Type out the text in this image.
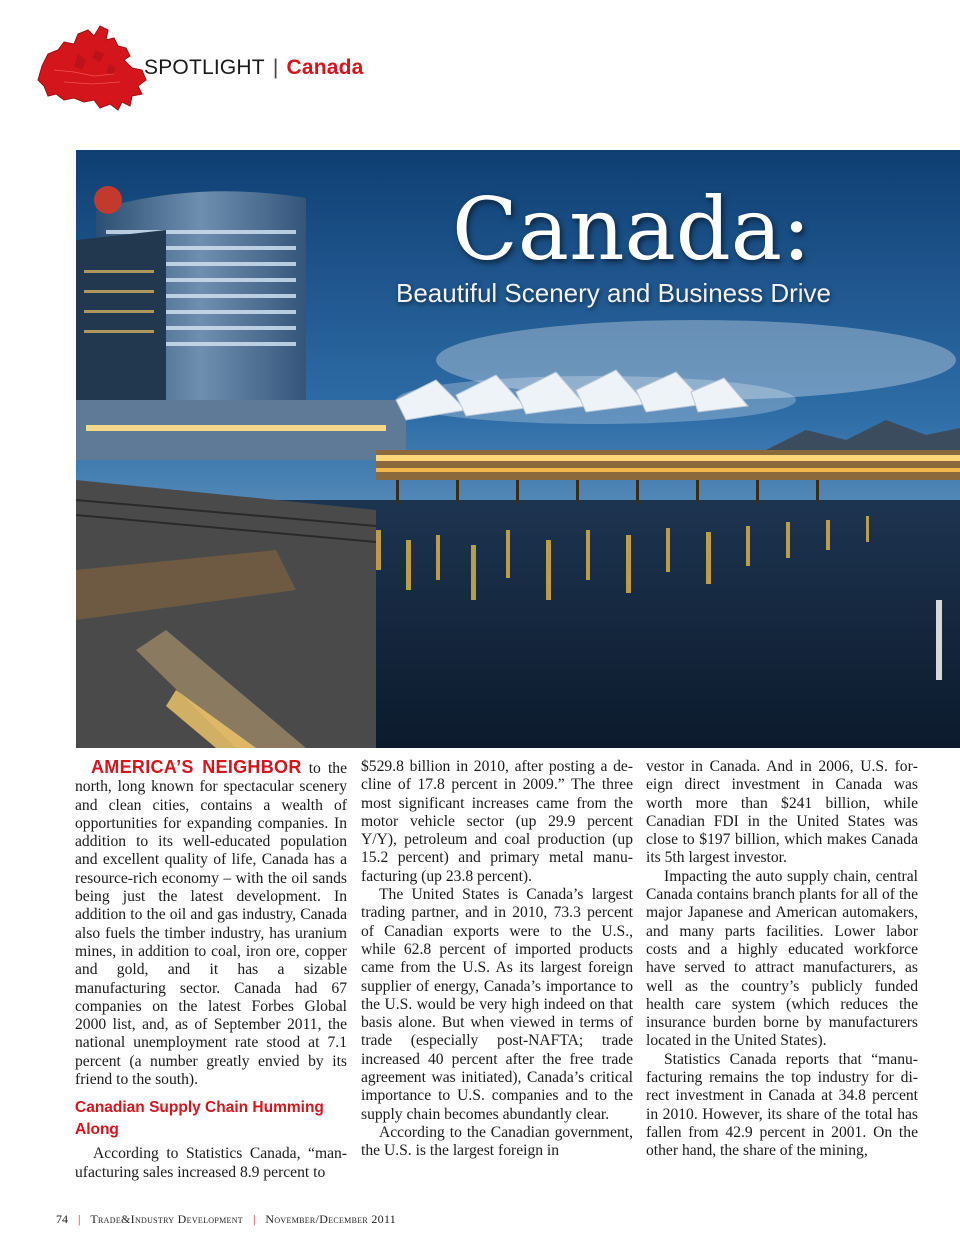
SPOTLIGHT | Canada
Canada:
Beautiful Scenery and Business Drive

AMERICA’S NEIGHBOR to the north, long known for spectacular scenery and clean cities, contains a wealth of opportunities for expanding companies. In addition to its well-educated population and excellent quality of life, Canada has a resource-rich economy – with the oil sands being just the latest development. In addition to the oil and gas industry, Canada also fuels the timber industry, has uranium mines, in addition to coal, iron ore, copper and gold, and it has a sizable manufacturing sector. Canada had 67 companies on the latest Forbes Global 2000 list, and, as of September 2011, the national unemployment rate stood at 7.1 percent (a number greatly envied by its friend to the south).

Canadian Supply Chain Humming Along

According to Statistics Canada, “manufacturing sales increased 8.9 percent to

$529.8 billion in 2010, after posting a decline of 17.8 percent in 2009.” The three most significant increases came from the motor vehicle sector (up 29.9 percent Y/Y), petroleum and coal production (up 15.2 percent) and primary metal manufacturing (up 23.8 percent).

The United States is Canada’s largest trading partner, and in 2010, 73.3 percent of Canadian exports were to the U.S., while 62.8 percent of imported products came from the U.S. As its largest foreign supplier of energy, Canada’s importance to the U.S. would be very high indeed on that basis alone. But when viewed in terms of trade (especially post-NAFTA; trade increased 40 percent after the free trade agreement was initiated), Canada’s critical importance to U.S. companies and to the supply chain becomes abundantly clear.

According to the Canadian government, the U.S. is the largest foreign in

vestor in Canada. And in 2006, U.S. foreign direct investment in Canada was worth more than $241 billion, while Canadian FDI in the United States was close to $197 billion, which makes Canada its 5th largest investor.

Impacting the auto supply chain, central Canada contains branch plants for all of the major Japanese and American automakers, and many parts facilities. Lower labor costs and a highly educated workforce have served to attract manufacturers, as well as the country’s publicly funded health care system (which reduces the insurance burden borne by manufacturers located in the United States).

Statistics Canada reports that “manufacturing remains the top industry for direct investment in Canada at 34.8 percent in 2010. However, its share of the total has fallen from 42.9 percent in 2001. On the other hand, the share of the mining,

74 | Trade&Industry Development | November/December 2011
